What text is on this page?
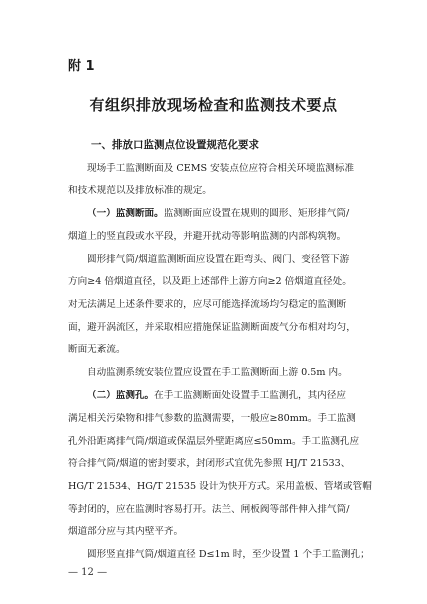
附 1
有组织排放现场检查和监测技术要点
一、排放口监测点位设置规范化要求
现场手工监测断面及 CEMS 安装点位应符合相关环境监测标准
和技术规范以及排放标准的规定。
（一）监测断面。监测断面应设置在规则的圆形、矩形排气筒/
烟道上的竖直段或水平段，并避开扰动等影响监测的内部构筑物。
圆形排气筒/烟道监测断面应设置在距弯头、阀门、变径管下游
方向≥4 倍烟道直径，以及距上述部件上游方向≥2 倍烟道直径处。
对无法满足上述条件要求的，应尽可能选择流场均匀稳定的监测断
面，避开涡流区，并采取相应措施保证监测断面废气分布相对均匀，
断面无紊流。
自动监测系统安装位置应设置在手工监测断面上游 0.5m 内。
（二）监测孔。在手工监测断面处设置手工监测孔，其内径应
满足相关污染物和排气参数的监测需要，一般应≥80mm。手工监测
孔外沿距离排气筒/烟道或保温层外壁距离应≤50mm。手工监测孔应
符合排气筒/烟道的密封要求，封闭形式宜优先参照 HJ/T 21533、
HG/T 21534、HG/T 21535 设计为快开方式。采用盖板、管堵或管帽
等封闭的，应在监测时容易打开。法兰、闸板阀等部件伸入排气筒/
烟道部分应与其内壁平齐。
圆形竖直排气筒/烟道直径 D≤1m 时，至少设置 1 个手工监测孔；
— 12 —
